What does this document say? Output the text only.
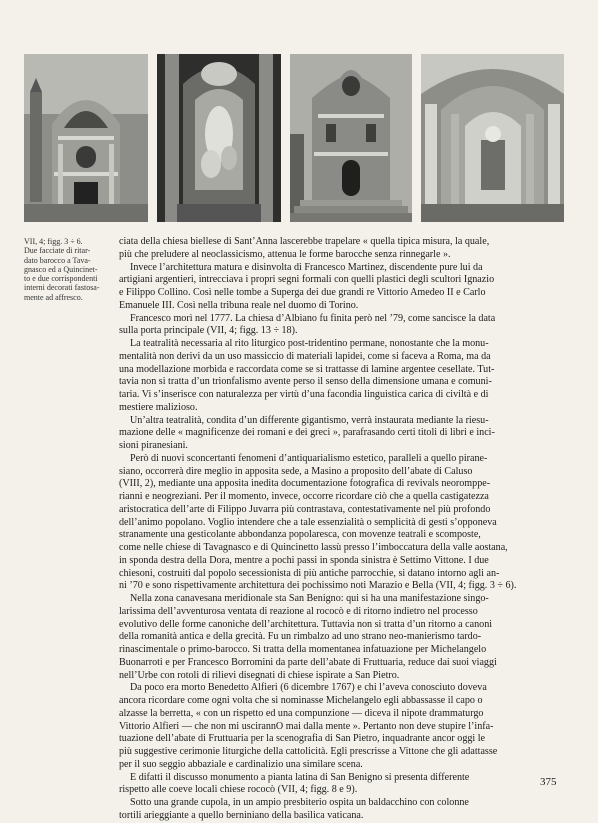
VII, 4; figg. 3 ÷ 6.
Due facciate di ritar-
dato barocco a Tava-
gnasco ed a Quincinet-
to e due corrispondenti
interni decorati fastosa-
mente ad affresco.

ciata della chiesa biellese di Sant’Anna lascerebbe trapelare « quella tipica misura, la quale,
più che preludere al neoclassicismo, attenua le forme barocche senza rinnegarle ».

Invece l’architettura matura e disinvolta di Francesco Martinez, discendente pure lui da
artigiani argentieri, intrecciava i propri segni formali con quelli plastici degli scultori Ignazio
e Filippo Collino. Così nelle tombe a Superga dei due grandi re Vittorio Amedeo II e Carlo
Emanuele III. Così nella tribuna reale nel duomo di Torino.

Francesco morì nel 1777. La chiesa d’Albiano fu finita però nel ’79, come sancisce la data
sulla porta principale (VII, 4; figg. 13 ÷ 18).

La teatralità necessaria al rito liturgico post-tridentino permane, nonostante che la monu-
mentalità non derivi da un uso massiccio di materiali lapidei, come si faceva a Roma, ma da
una modellazione morbida e raccordata come se si trattasse di lamine argentee cesellate. Tut-
tavia non si tratta d’un trionfalismo avente perso il senso della dimensione umana e comuni-
taria. Vi s’inserisce con naturalezza per virtù d’una facondia linguistica carica di civiltà e di
mestiere malizioso.

Un’altra teatralità, condita d’un differente gigantismo, verrà instaurata mediante la riesu-
mazione delle « magnificenze dei romani e dei greci », parafrasando certi titoli di libri e inci-
sioni piranesiani.

Però di nuovi sconcertanti fenomeni d’antiquarialismo estetico, paralleli a quello pirane-
siano, occorrerà dire meglio in apposita sede, a Masino a proposito dell’abate di Caluso
(VIII, 2), mediante una apposita inedita documentazione fotografica di revivals neoromppe-
rianni e neogreziani. Per il momento, invece, occorre ricordare ciò che a quella castigatezza
aristocratica dell’arte di Filippo Juvarra più contrastava, contestativamente nel più profondo
dell’animo popolano. Voglio intendere che a tale essenzialità o semplicità di gesti s’opponeva
stranamente una gesticolante abbondanza popolaresca, con movenze teatrali e scomposte,
come nelle chiese di Tavagnasco e di Quincinetto lassù presso l’imboccatura della valle aostana,
in sponda destra della Dora, mentre a pochi passi in sponda sinistra è Settimo Vittone. I due
chiesoni, costruiti dal popolo secessionista di più antiche parrocchie, si datano intorno agli an-
ni ’70 e sono rispettivamente architettura dei pochissimo noti Marazio e Bella (VII, 4; figg. 3 ÷ 6).

Nella zona canavesana meridionale sta San Benigno: qui si ha una manifestazione singo-
larissima dell’avventurosa ventata di reazione al rococò e di ritorno indietro nel processo
evolutivo delle forme canoniche dell’architettura. Tuttavia non si tratta d’un ritorno a canoni
della romanità antica e della grecità. Fu un rimbalzo ad uno strano neo-manierismo tardo-
rinascimentale o primo-barocco. Si tratta della momentanea infatuazione per Michelangelo
Buonarroti e per Francesco Borromini da parte dell’abate di Fruttuaria, reduce dai suoi viaggi
nell’Urbe con rotoli di rilievi disegnati di chiese ispirate a San Pietro.

Da poco era morto Benedetto Alfieri (6 dicembre 1767) e chi l’aveva conosciuto doveva
ancora ricordare come ogni volta che si nominasse Michelangelo egli abbassasse il capo o
alzasse la berretta, « con un rispetto ed una compunzione — diceva il nipote drammaturgo
Vittorio Alfieri — che non mi uscirannO mai dalla mente ». Pertanto non deve stupire l’infa-
tuazione dell’abate di Fruttuaria per la scenografia di San Pietro, inquadrante ancor oggi le
più suggestive cerimonie liturgiche della cattolicità. Egli prescrisse a Vittone che gli adattasse
per il suo seggio abbaziale e cardinalizio una similare scena.

E difatti il discusso monumento a pianta latina di San Benigno si presenta differente
rispetto alle coeve locali chiese rococò (VII, 4; figg. 8 e 9).

Sotto una grande cupola, in un ampio presbiterio ospita un baldacchino con colonne
tortili arieggiante a quello berniniano della basilica vaticana.

375
